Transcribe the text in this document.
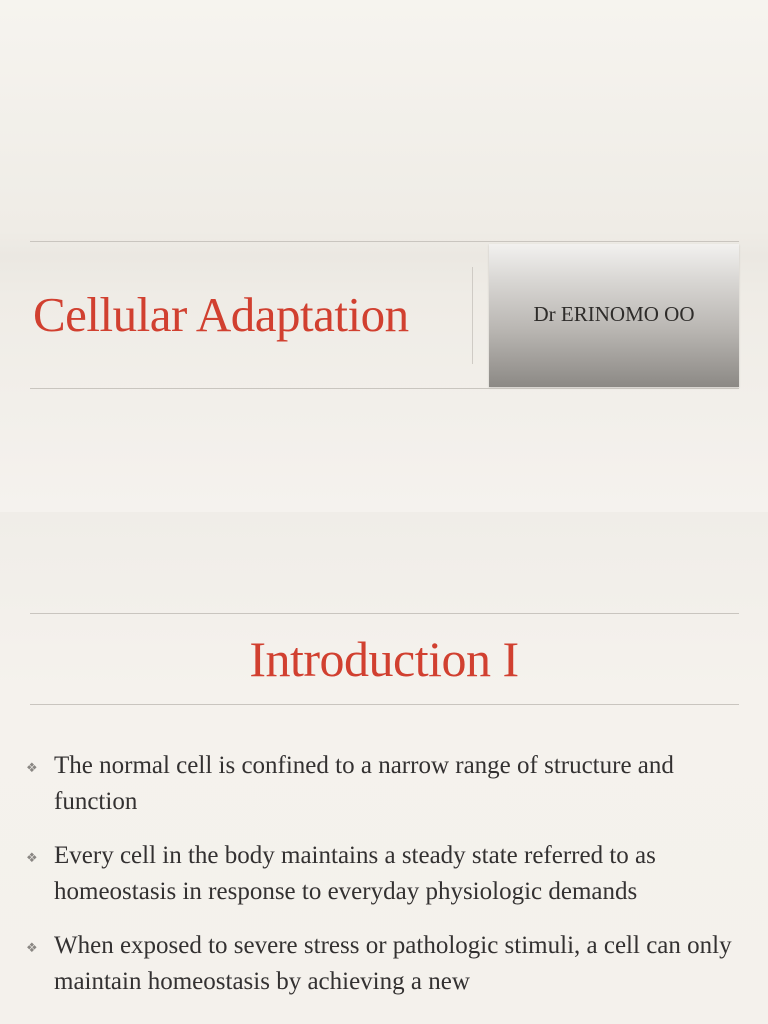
Cellular Adaptation	Dr ERINOMO OO
Introduction I
❖ The normal cell is confined to a narrow range of structure and function
❖ Every cell in the body maintains a steady state referred to as homeostasis in response to everyday physiologic demands
❖ When exposed to severe stress or pathologic stimuli, a cell can only maintain homeostasis by achieving a new
